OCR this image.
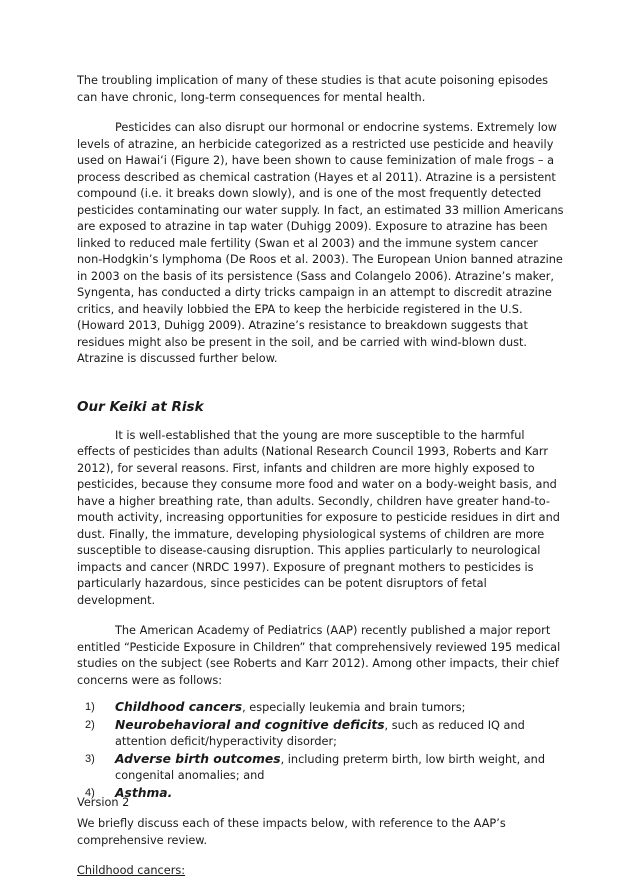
The troubling implication of many of these studies is that acute poisoning episodes can have chronic, long-term consequences for mental health.

Pesticides can also disrupt our hormonal or endocrine systems. Extremely low levels of atrazine, an herbicide categorized as a restricted use pesticide and heavily used on Hawai‘i (Figure 2), have been shown to cause feminization of male frogs – a process described as chemical castration (Hayes et al 2011). Atrazine is a persistent compound (i.e. it breaks down slowly), and is one of the most frequently detected pesticides contaminating our water supply. In fact, an estimated 33 million Americans are exposed to atrazine in tap water (Duhigg 2009). Exposure to atrazine has been linked to reduced male fertility (Swan et al 2003) and the immune system cancer non-Hodgkin’s lymphoma (De Roos et al. 2003). The European Union banned atrazine in 2003 on the basis of its persistence (Sass and Colangelo 2006). Atrazine’s maker, Syngenta, has conducted a dirty tricks campaign in an attempt to discredit atrazine critics, and heavily lobbied the EPA to keep the herbicide registered in the U.S. (Howard 2013, Duhigg 2009). Atrazine’s resistance to breakdown suggests that residues might also be present in the soil, and be carried with wind-blown dust. Atrazine is discussed further below.

Our Keiki at Risk

It is well-established that the young are more susceptible to the harmful effects of pesticides than adults (National Research Council 1993, Roberts and Karr 2012), for several reasons. First, infants and children are more highly exposed to pesticides, because they consume more food and water on a body-weight basis, and have a higher breathing rate, than adults. Secondly, children have greater hand-to-mouth activity, increasing opportunities for exposure to pesticide residues in dirt and dust. Finally, the immature, developing physiological systems of children are more susceptible to disease-causing disruption. This applies particularly to neurological impacts and cancer (NRDC 1997). Exposure of pregnant mothers to pesticides is particularly hazardous, since pesticides can be potent disruptors of fetal development.

The American Academy of Pediatrics (AAP) recently published a major report entitled “Pesticide Exposure in Children” that comprehensively reviewed 195 medical studies on the subject (see Roberts and Karr 2012). Among other impacts, their chief concerns were as follows:

1) Childhood cancers, especially leukemia and brain tumors;
2) Neurobehavioral and cognitive deficits, such as reduced IQ and attention deficit/hyperactivity disorder;
3) Adverse birth outcomes, including preterm birth, low birth weight, and congenital anomalies; and
4) Asthma.

We briefly discuss each of these impacts below, with reference to the AAP’s comprehensive review.

Childhood cancers:

Version 2
